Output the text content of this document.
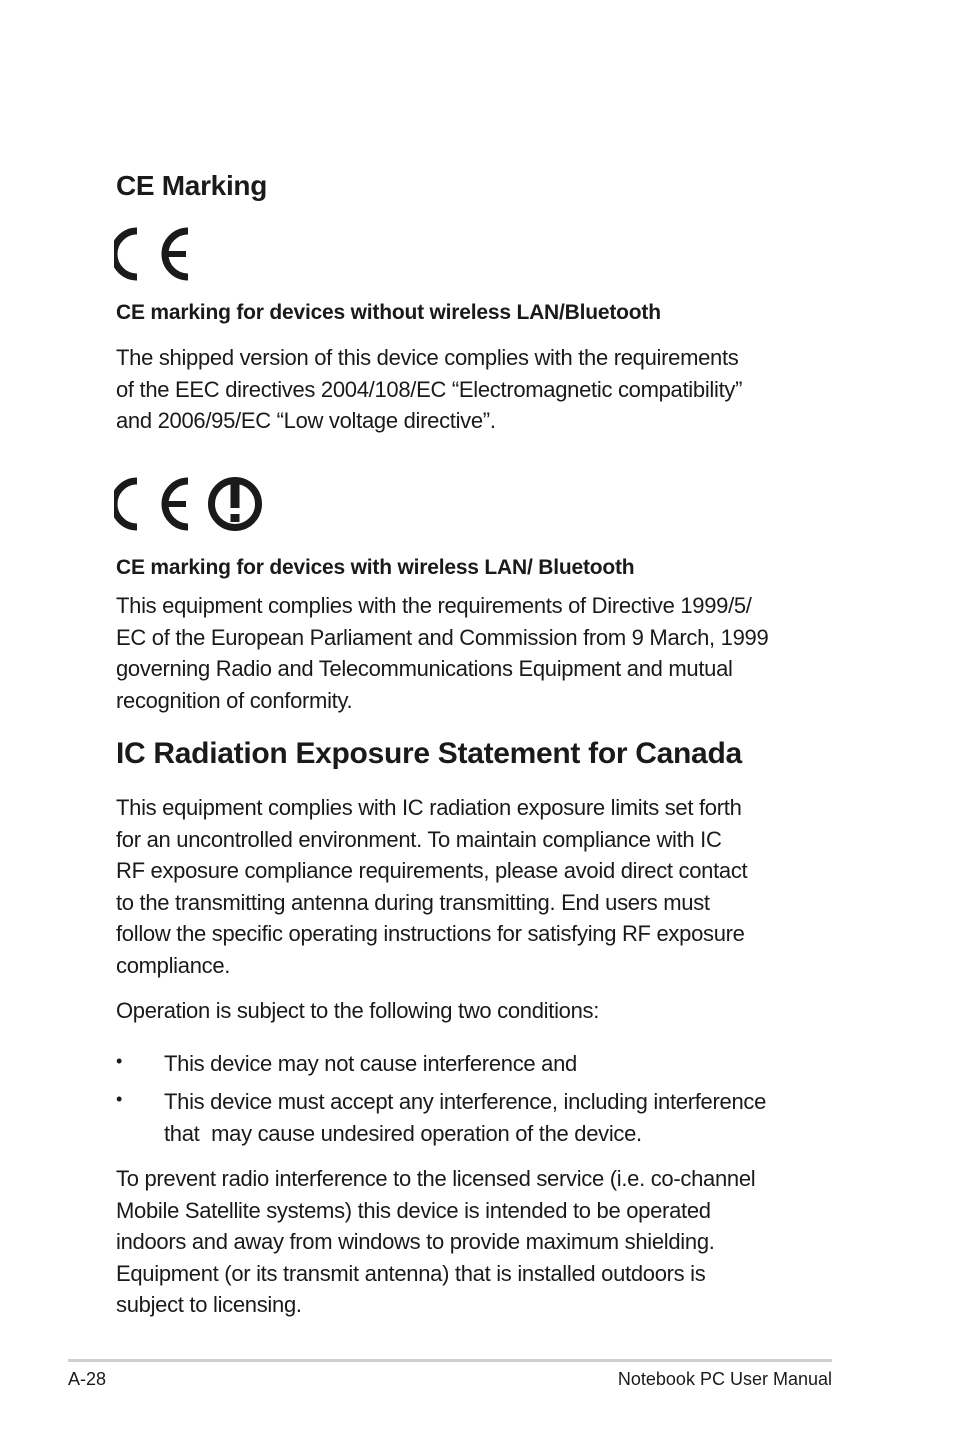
CE Marking
CE marking for devices without wireless LAN/Bluetooth
The shipped version of this device complies with the requirements
of the EEC directives 2004/108/EC “Electromagnetic compatibility”
and 2006/95/EC “Low voltage directive”.
CE marking for devices with wireless LAN/ Bluetooth
This equipment complies with the requirements of Directive 1999/5/
EC of the European Parliament and Commission from 9 March, 1999
governing Radio and Telecommunications Equipment and mutual
recognition of conformity.
IC Radiation Exposure Statement for Canada
This equipment complies with IC radiation exposure limits set forth
for an uncontrolled environment. To maintain compliance with IC
RF exposure compliance requirements, please avoid direct contact
to the transmitting antenna during transmitting. End users must
follow the specific operating instructions for satisfying RF exposure
compliance.
Operation is subject to the following two conditions:
• This device may not cause interference and
• This device must accept any interference, including interference
that  may cause undesired operation of the device.
To prevent radio interference to the licensed service (i.e. co-channel
Mobile Satellite systems) this device is intended to be operated
indoors and away from windows to provide maximum shielding.
Equipment (or its transmit antenna) that is installed outdoors is
subject to licensing.
A-28	Notebook PC User Manual
